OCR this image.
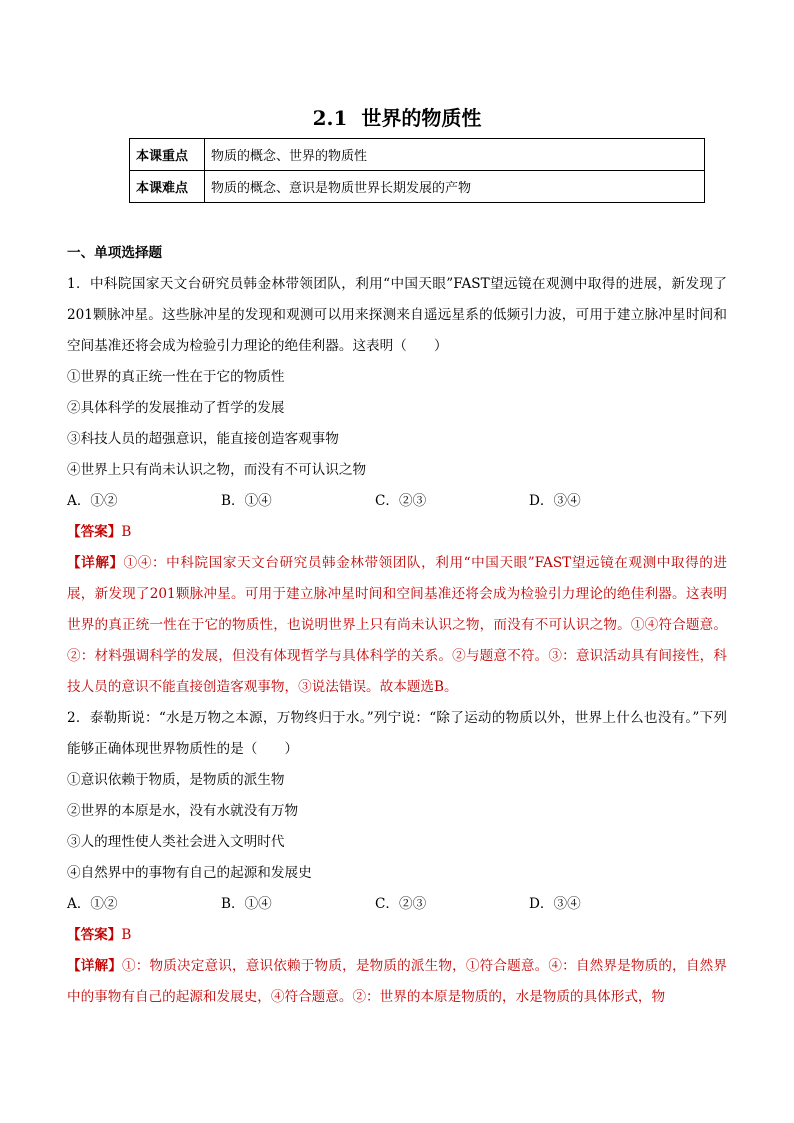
2.1 世界的物质性
本课重点	物质的概念、世界的物质性
本课难点	物质的概念、意识是物质世界长期发展的产物
一、单项选择题
1．中科院国家天文台研究员韩金林带领团队，利用“中国天眼”FAST望远镜在观测中取得的进展，新发现了201颗脉冲星。这些脉冲星的发现和观测可以用来探测来自遥远星系的低频引力波，可用于建立脉冲星时间和空间基准还将会成为检验引力理论的绝佳利器。这表明（　　）
①世界的真正统一性在于它的物质性
②具体科学的发展推动了哲学的发展
③科技人员的超强意识，能直接创造客观事物
④世界上只有尚未认识之物，而没有不可认识之物
A．①②	B．①④	C．②③	D．③④
【答案】B
【详解】①④：中科院国家天文台研究员韩金林带领团队，利用“中国天眼”FAST望远镜在观测中取得的进展，新发现了201颗脉冲星。可用于建立脉冲星时间和空间基准还将会成为检验引力理论的绝佳利器。这表明世界的真正统一性在于它的物质性，也说明世界上只有尚未认识之物，而没有不可认识之物。①④符合题意。②：材料强调科学的发展，但没有体现哲学与具体科学的关系。②与题意不符。③：意识活动具有间接性，科技人员的意识不能直接创造客观事物，③说法错误。故本题选B。
2．泰勒斯说：“水是万物之本源，万物终归于水。”列宁说：“除了运动的物质以外，世界上什么也没有。”下列能够正确体现世界物质性的是（　　）
①意识依赖于物质，是物质的派生物
②世界的本原是水，没有水就没有万物
③人的理性使人类社会进入文明时代
④自然界中的事物有自己的起源和发展史
A．①②	B．①④	C．②③	D．③④
【答案】B
【详解】①：物质决定意识，意识依赖于物质，是物质的派生物，①符合题意。④：自然界是物质的，自然界中的事物有自己的起源和发展史，④符合题意。②：世界的本原是物质的，水是物质的具体形式，物
